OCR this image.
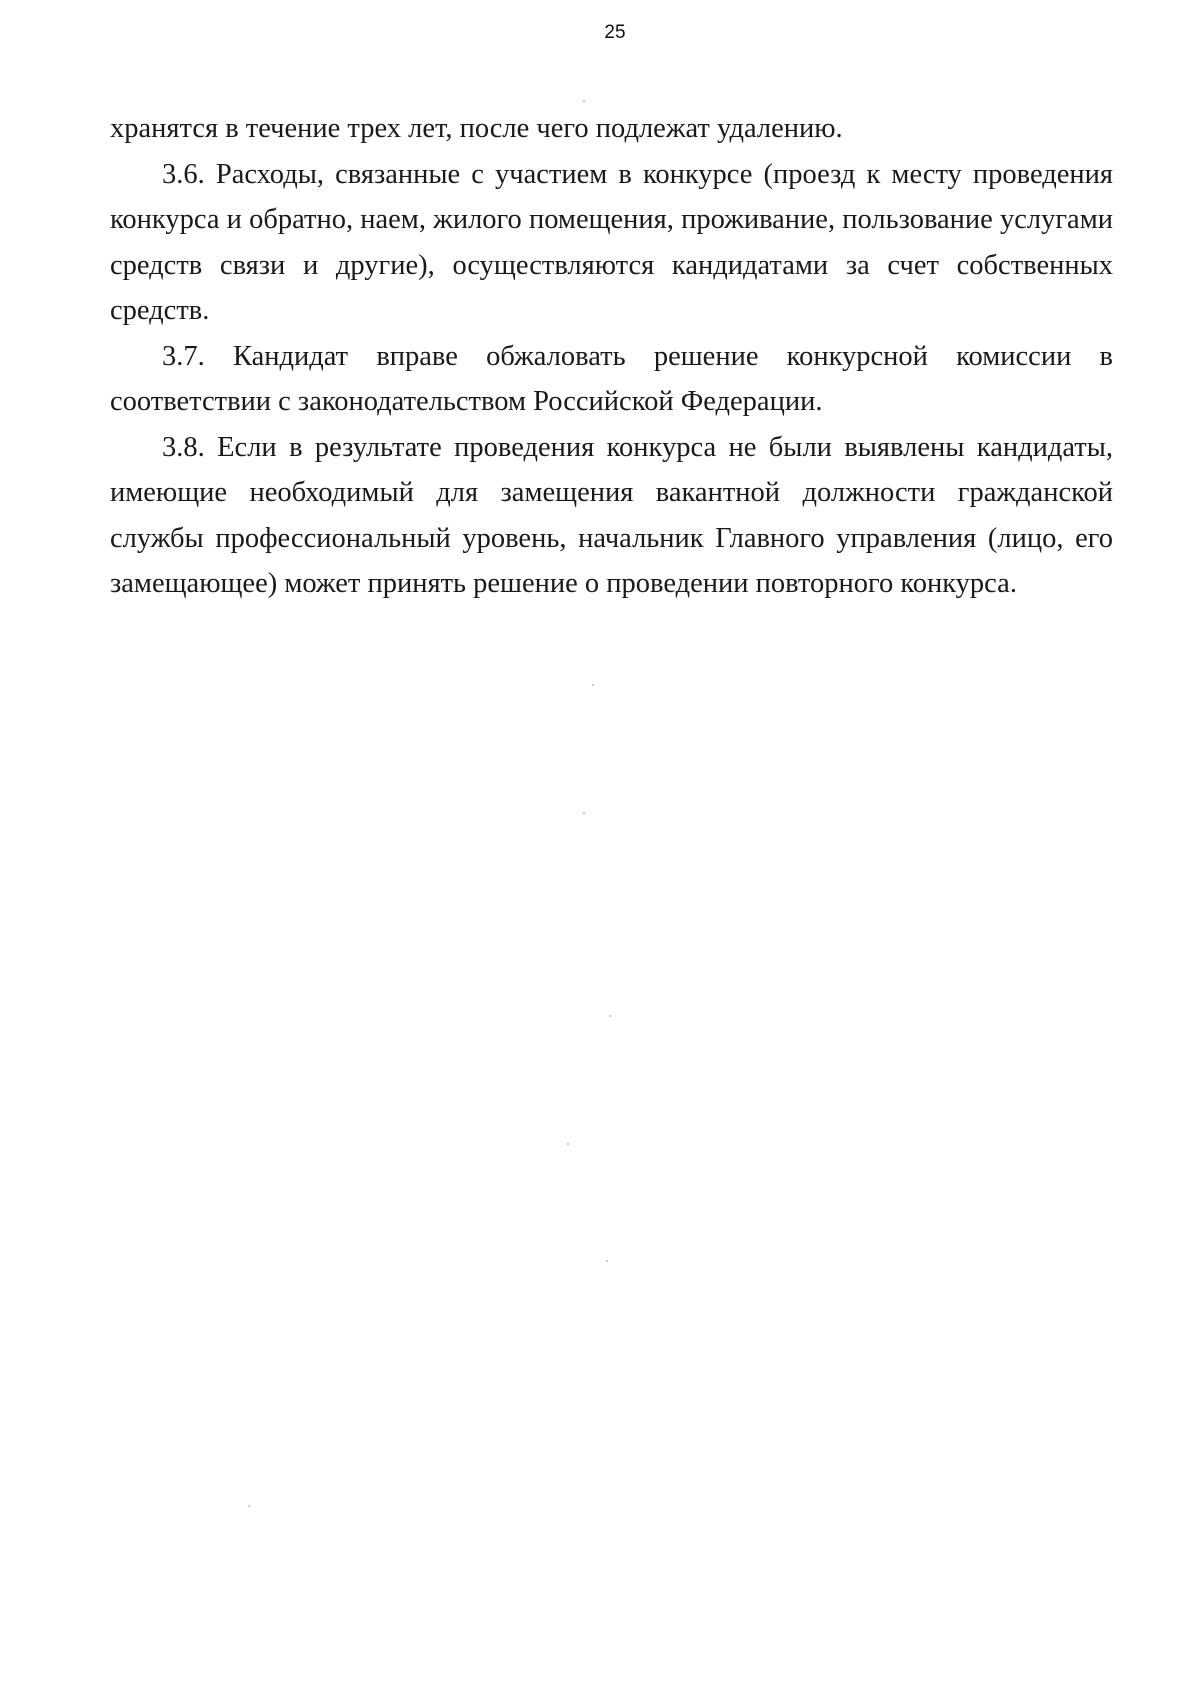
25

хранятся в течение трех лет, после чего подлежат удалению.

3.6. Расходы, связанные с участием в конкурсе (проезд к месту проведения конкурса и обратно, наем, жилого помещения, проживание, пользование услугами средств связи и другие), осуществляются кандидатами за счет собственных средств.

3.7. Кандидат вправе обжаловать решение конкурсной комиссии в соответствии с законодательством Российской Федерации.

3.8. Если в результате проведения конкурса не были выявлены кандидаты, имеющие необходимый для замещения вакантной должности гражданской службы профессиональный уровень, начальник Главного управления (лицо, его замещающее) может принять решение о проведении повторного конкурса.
